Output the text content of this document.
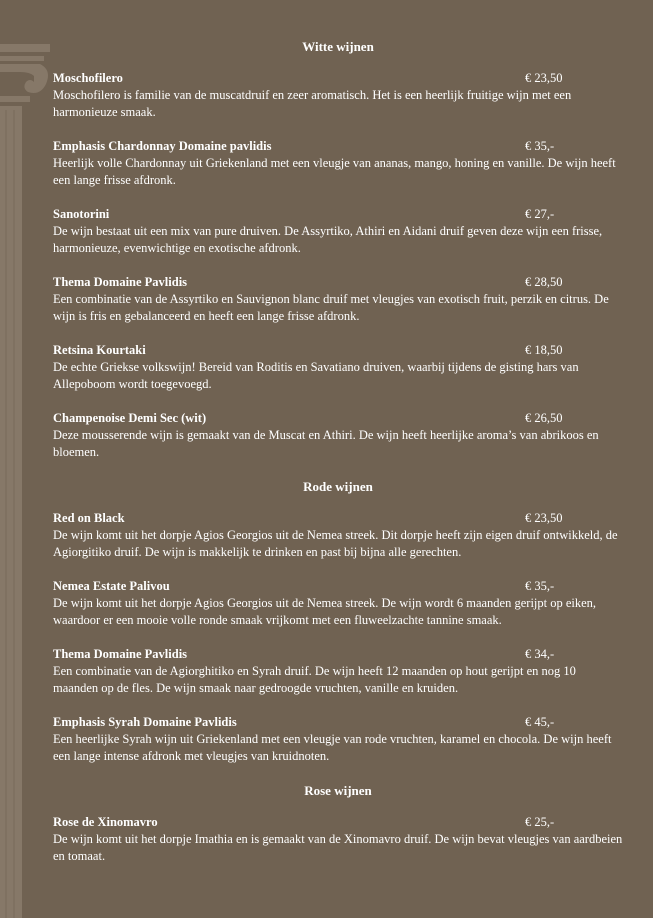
Witte wijnen
Moschofilero	€ 23,50
Moschofilero is familie van de muscatdruif en zeer aromatisch. Het is een heerlijk fruitige wijn met een harmonieuze smaak.
Emphasis Chardonnay Domaine pavlidis	€ 35,-
Heerlijk volle Chardonnay uit Griekenland met een vleugje van ananas, mango, honing en vanille. De wijn heeft een lange frisse afdronk.
Sanotorini	€ 27,-
De wijn bestaat uit een mix van pure druiven. De Assyrtiko, Athiri en Aidani druif geven deze wijn een frisse, harmonieuze, evenwichtige en exotische afdronk.
Thema Domaine Pavlidis	€ 28,50
Een combinatie van de Assyrtiko en Sauvignon blanc druif met vleugjes van exotisch fruit, perzik en citrus. De wijn is fris en gebalanceerd en heeft een lange frisse afdronk.
Retsina Kourtaki	€ 18,50
De echte Griekse volkswijn! Bereid van Roditis en Savatiano druiven, waarbij tijdens de gisting hars van Allepoboom wordt toegevoegd.
Champenoise Demi Sec (wit)	€ 26,50
Deze mousserende wijn is gemaakt van de Muscat en Athiri. De wijn heeft heerlijke aroma’s van abrikoos en bloemen.
Rode wijnen
Red on Black	€ 23,50
De wijn komt uit het dorpje Agios Georgios uit de Nemea streek. Dit dorpje heeft zijn eigen druif ontwikkeld, de Agiorgitiko druif. De wijn is makkelijk te drinken en past bij bijna alle gerechten.
Nemea Estate Palivou	€ 35,-
De wijn komt uit het dorpje Agios Georgios uit de Nemea streek. De wijn wordt 6 maanden gerijpt op eiken, waardoor er een mooie volle ronde smaak vrijkomt met een fluweelzachte tannine smaak.
Thema Domaine Pavlidis	€ 34,-
Een combinatie van de Agiorghitiko en Syrah druif. De wijn heeft 12 maanden op hout gerijpt en nog 10 maanden op de fles. De wijn smaak naar gedroogde vruchten, vanille en kruiden.
Emphasis Syrah Domaine Pavlidis	€ 45,-
Een heerlijke Syrah wijn uit Griekenland met een vleugje van rode vruchten, karamel en chocola. De wijn heeft een lange intense afdronk met vleugjes van kruidnoten.
Rose wijnen
Rose de Xinomavro	€ 25,-
De wijn komt uit het dorpje Imathia en is gemaakt van de Xinomavro druif. De wijn bevat vleugjes van aardbeien en tomaat.
